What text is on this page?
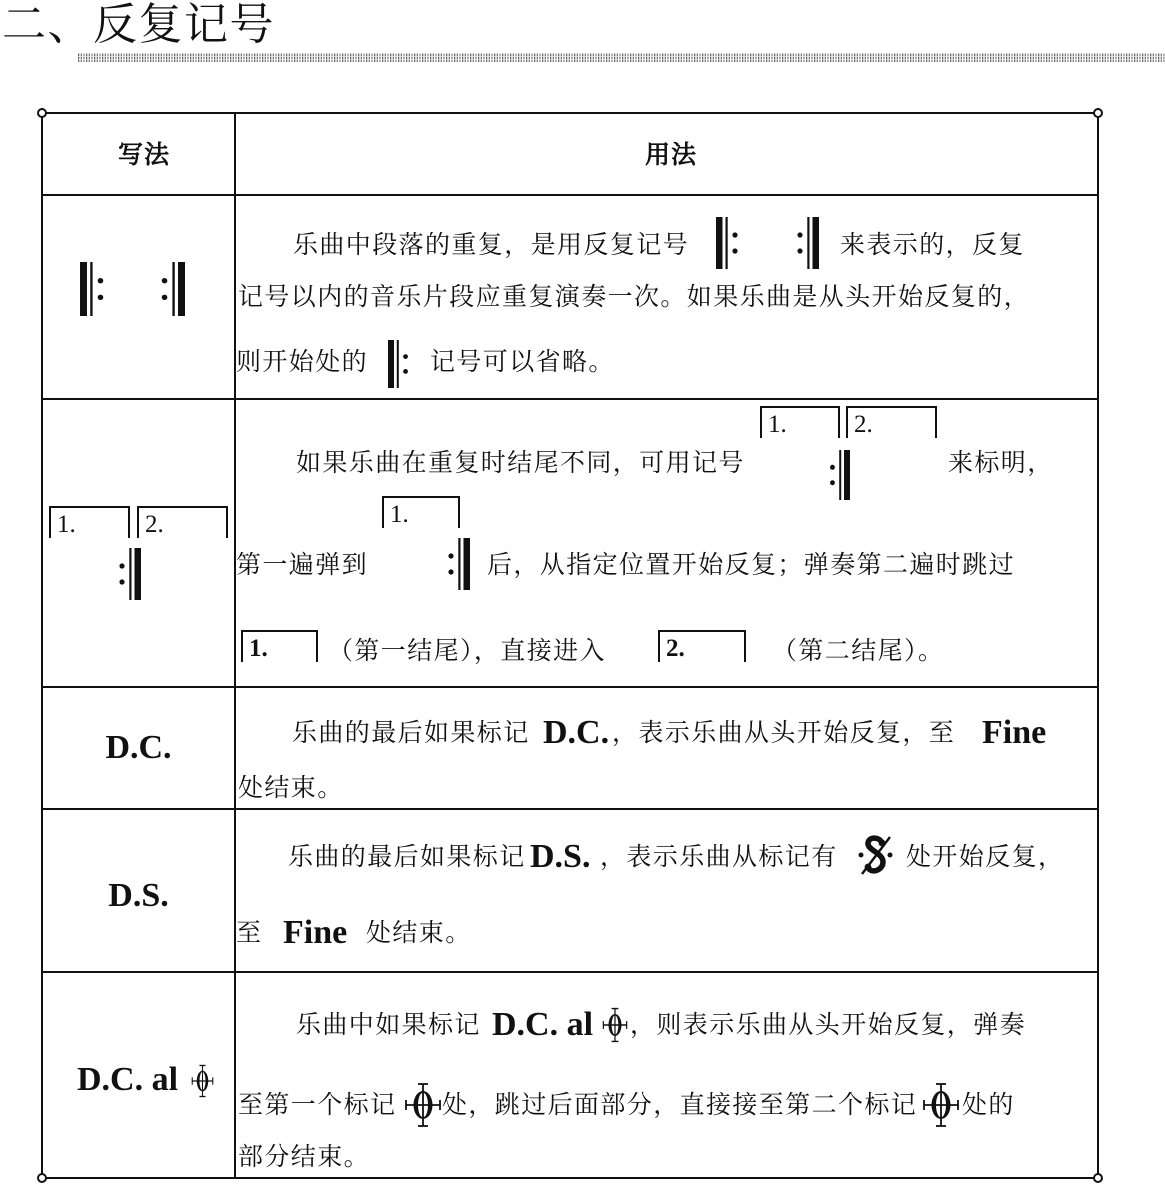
二、反复记号
写法	用法
乐曲中段落的重复，是用反复记号	来表示的，反复
记号以内的音乐片段应重复演奏一次。如果乐曲是从头开始反复的，
则开始处的 记号可以省略。
1.	2.
如果乐曲在重复时结尾不同，可用记号
1.	2.
来标明，
第一遍弹到
1.
后，从指定位置开始反复；弹奏第二遍时跳过
1. （第一结尾），直接进入 2.	（第二结尾）。
D.C.	乐曲的最后如果标记 D.C. ，表示乐曲从头开始反复，至 Fine
处结束。
D.S.
乐曲的最后如果标记 D.S. ，表示乐曲从标记有	处开始反复，
至 Fine 处结束。
D.C. al
乐曲中如果标记 D.C. al ，则表示乐曲从头开始反复，弹奏
至第一个标记 处，跳过后面部分，直接接至第二个标记 处的
部分结束。
